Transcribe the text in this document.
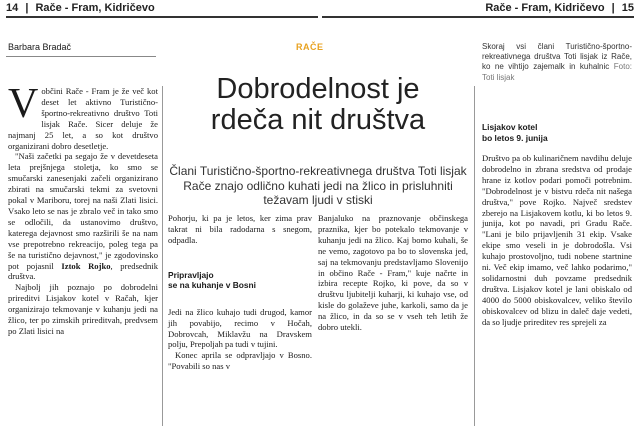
14 | Rače - Fram, Kidričevo	Rače - Fram, Kidričevo | 15
Barbara Bradač	RAČE
Dobrodelnost je
rdeča nit društva
Člani Turistično-športno-rekreativnega društva Toti lisjak Rače znajo odlično kuhati jedi na žlico in prisluhniti težavam ljudi v stiski
Skoraj vsi člani Turistično-športno-rekreativnega društva Toti lisjak iz Rače, ko ne vihtijo zajemalk in kuhalnic Foto: Toti lisjak

Vobčini Rače - Fram je že več kot deset let aktivno Turistično-športno-rekreativno društvo Toti lisjak Rače. Sicer deluje že najmanj 25 let, a so kot društvo organizirani dobro desetletje.

"Naši začetki pa segajo že v devetdeseta leta prejšnjega stoletja, ko smo se smučarski zanesenjaki začeli organizirano zbirati na smučarski tekmi za svetovni pokal v Mariboru, torej na naši Zlati lisici. Vsako leto se nas je zbralo več in tako smo se odločili, da ustanovimo društvo, katerega dejavnost smo razširili še na nam vse prepotrebno rekreacijo, poleg tega pa še na turistično dejavnost," je zgodovinsko pot pojasnil Iztok Rojko, predsednik društva.

Najbolj jih poznajo po dobrodelni prireditvi Lisjakov kotel v Račah, kjer organizirajo tekmovanje v kuhanju jedi na žlico, ter po zimskih prireditvah, predvsem po Zlati lisici na

Pohorju, ki pa je letos, ker zima prav takrat ni bila radodarna s snegom, odpadla.

Pripravljajo
se na kuhanje v Bosni

Jedi na žlico kuhajo tudi drugod, kamor jih povabijo, recimo v Hočah, Dobrovcah, Miklavžu na Dravskem polju, Prepoljah pa tudi v tujini.

Konec aprila se odpravljajo v Bosno. "Povabili so nas v

Banjaluko na praznovanje občinskega praznika, kjer bo potekalo tekmovanje v kuhanju jedi na žlico. Kaj bomo kuhali, še ne vemo, zagotovo pa bo to slovenska jed, saj na tekmovanju predstavljamo Slovenijo in občino Rače - Fram," kuje načrte in izbira recepte Rojko, ki pove, da so v društvu ljubitelji kuharji, ki kuhajo vse, od kisle do golaževe juhe, karkoli, samo da je na žlico, in da so se v vseh teh letih že dobro utekli.

Lisjakov kotel
bo letos 9. junija

Društvo pa ob kulinaričnem navdihu deluje dobrodelno in zbrana sredstva od prodaje hrane iz kotlov podari pomoči potrebnim. "Dobrodelnost je v bistvu rdeča nit našega društva," pove Rojko. Največ sredstev zberejo na Lisjakovem kotlu, ki bo letos 9. junija, kot po navadi, pri Gradu Rače. "Lani je bilo prijavljenih 31 ekip. Vsake ekipe smo veseli in je dobrodošla. Vsi kuhajo prostovoljno, tudi nobene startnine ni. Več ekip imamo, več lahko podarimo," solidarnostni duh povzame predsednik društva. Lisjakov kotel je lani obiskalo od 4000 do 5000 obiskovalcev, veliko število obiskovalcev od blizu in daleč daje vedeti, da so ljudje prireditev res sprejeli za
